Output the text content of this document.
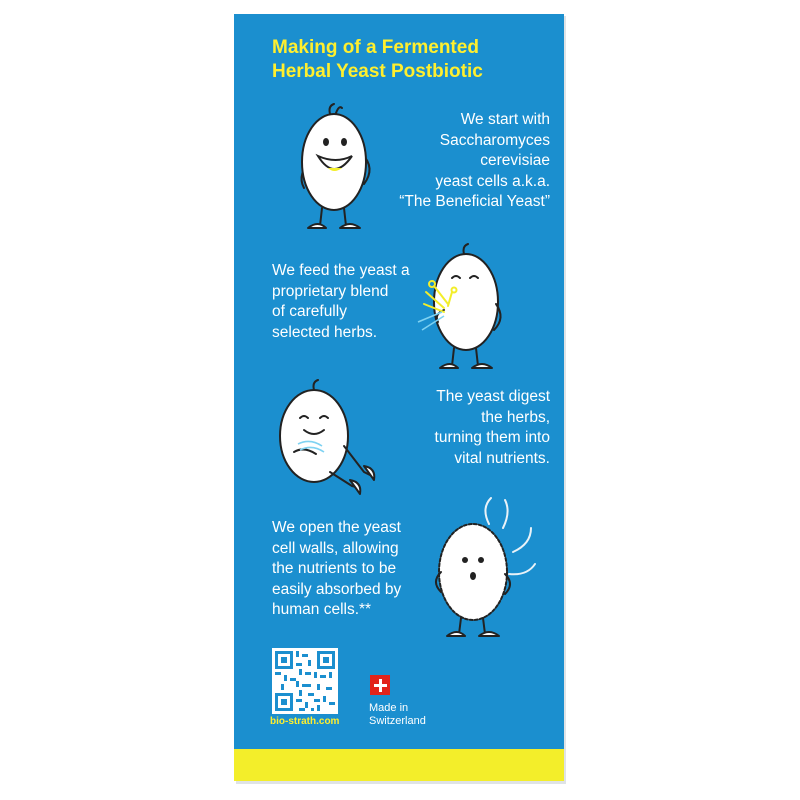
Making of a Fermented
Herbal Yeast Postbiotic
We start with
Saccharomyces
cerevisiae
yeast cells a.k.a.
“The Beneficial Yeast”
We feed the yeast a
proprietary blend
of carefully
selected herbs.
The yeast digest
the herbs,
turning them into
vital nutrients.
We open the yeast
cell walls, allowing
the nutrients to be
easily absorbed by
human cells.**
bio-strath.com
Made in
Switzerland
